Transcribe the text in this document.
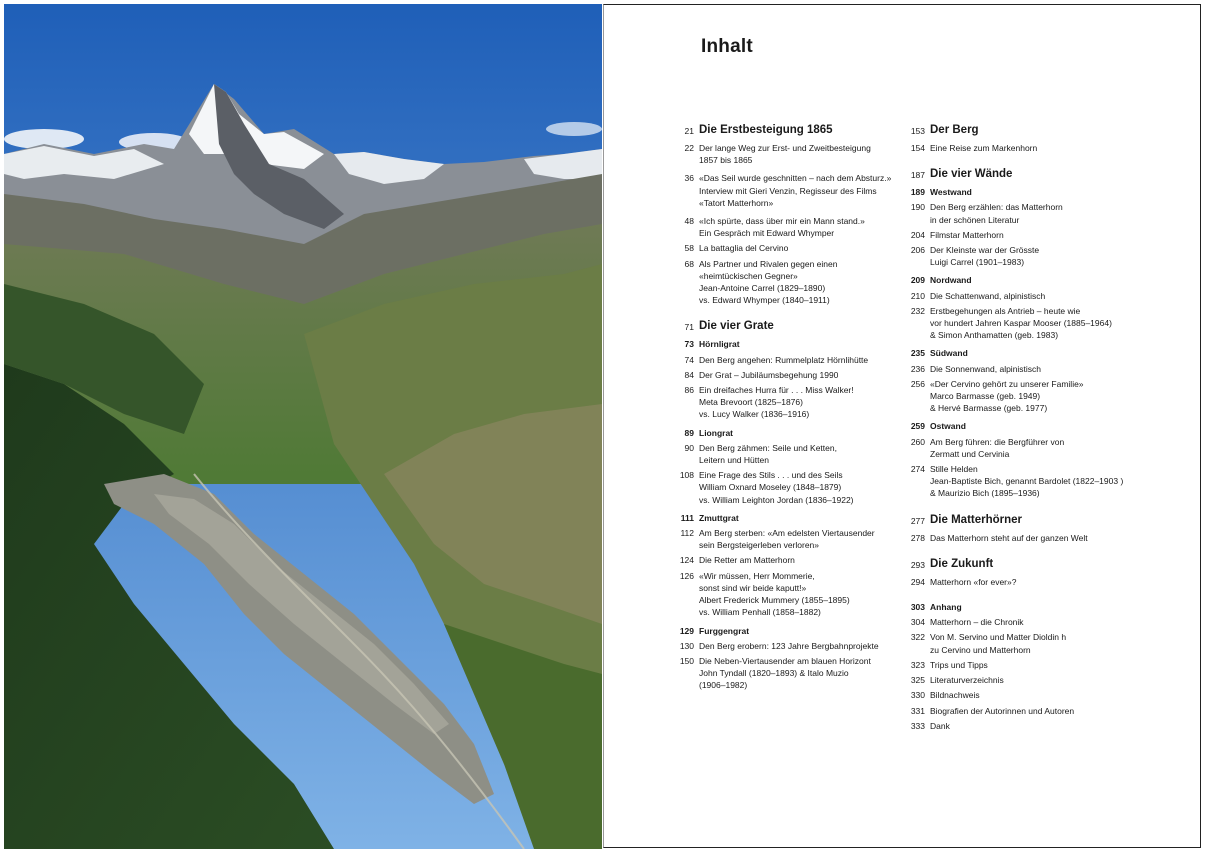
Inhalt
21 Die Erstbesteigung 1865
22 Der lange Weg zur Erst- und Zweitbesteigung
1857 bis 1865
36 «Das Seil wurde geschnitten – nach dem Absturz.»
Interview mit Gieri Venzin, Regisseur des Films
«Tatort Matterhorn»
48 «Ich spürte, dass über mir ein Mann stand.»
Ein Gespräch mit Edward Whymper
58 La battaglia del Cervino
68 Als Partner und Rivalen gegen einen
«heimtückischen Gegner»
Jean-Antoine Carrel (1829–1890)
vs. Edward Whymper (1840–1911)
71 Die vier Grate
73 Hörnligrat
74 Den Berg angehen: Rummelplatz Hörnlihütte
84 Der Grat – Jubiläumsbegehung 1990
86 Ein dreifaches Hurra für . . . Miss Walker!
Meta Brevoort (1825–1876)
vs. Lucy Walker (1836–1916)
89 Liongrat
90 Den Berg zähmen: Seile und Ketten,
Leitern und Hütten
108 Eine Frage des Stils . . . und des Seils
William Oxnard Moseley (1848–1879)
vs. William Leighton Jordan (1836–1922)
111 Zmuttgrat
112 Am Berg sterben: «Am edelsten Viertausender
sein Bergsteigerleben verloren»
124 Die Retter am Matterhorn
126 «Wir müssen, Herr Mommerie,
sonst sind wir beide kaputt!»
Albert Frederick Mummery (1855–1895)
vs. William Penhall (1858–1882)
129 Furggengrat
130 Den Berg erobern: 123 Jahre Bergbahnprojekte
150 Die Neben-Viertausender am blauen Horizont
John Tyndall (1820–1893) & Italo Muzio
(1906–1982)
153 Der Berg
154 Eine Reise zum Markenhorn
187 Die vier Wände
189 Westwand
190 Den Berg erzählen: das Matterhorn
in der schönen Literatur
204 Filmstar Matterhorn
206 Der Kleinste war der Grösste
Luigi Carrel (1901–1983)
209 Nordwand
210 Die Schattenwand, alpinistisch
232 Erstbegehungen als Antrieb – heute wie
vor hundert Jahren Kaspar Mooser (1885–1964)
& Simon Anthamatten (geb. 1983)
235 Südwand
236 Die Sonnenwand, alpinistisch
256 «Der Cervino gehört zu unserer Familie»
Marco Barmasse (geb. 1949)
& Hervé Barmasse (geb. 1977)
259 Ostwand
260 Am Berg führen: die Bergführer von
Zermatt und Cervinia
274 Stille Helden
Jean-Baptiste Bich, genannt Bardolet (1822–1903 )
& Maurizio Bich (1895–1936)
277 Die Matterhörner
278 Das Matterhorn steht auf der ganzen Welt
293 Die Zukunft
294 Matterhorn «for ever»?
303 Anhang
304 Matterhorn – die Chronik
322 Von M. Servino und Matter Dioldin h
zu Cervino und Matterhorn
323 Trips und Tipps
325 Literaturverzeichnis
330 Bildnachweis
331 Biografien der Autorinnen und Autoren
333 Dank
